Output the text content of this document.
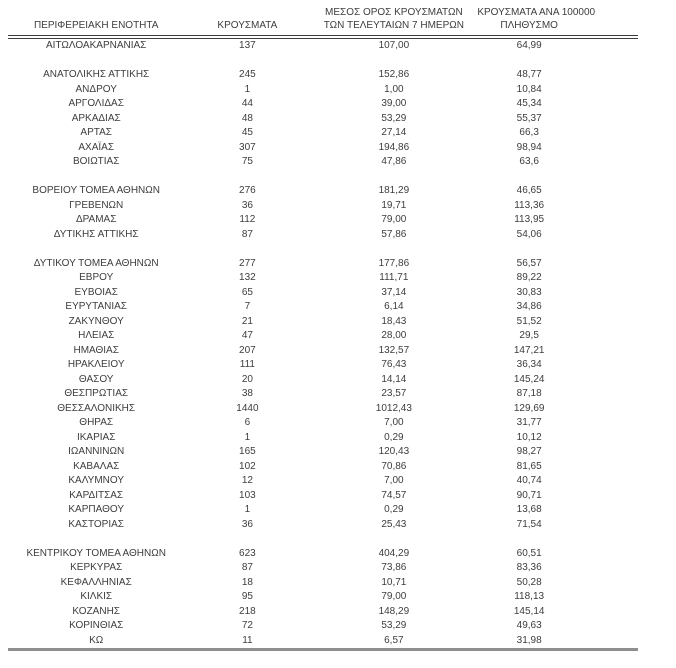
ΠΕΡΙΦΕΡΕΙΑΚΗ ΕΝΟΤΗΤΑ	ΚΡΟΥΣΜΑΤΑ	ΜΕΣΟΣ ΟΡΟΣ ΚΡΟΥΣΜΑΤΩΝ
ΤΩΝ ΤΕΛΕΥΤΑΙΩΝ 7 ΗΜΕΡΩΝ	ΚΡΟΥΣΜΑΤΑ ΑΝΑ 100000
ΠΛΗΘΥΣΜΟ

ΑΙΤΩΛΟΑΚΑΡΝΑΝΙΑΣ	137	107,00	64,99

ΑΝΑΤΟΛΙΚΗΣ ΑΤΤΙΚΗΣ	245	152,86	48,77
ΑΝΔΡΟΥ	1	1,00	10,84
ΑΡΓΟΛΙΔΑΣ	44	39,00	45,34
ΑΡΚΑΔΙΑΣ	48	53,29	55,37
ΑΡΤΑΣ	45	27,14	66,3
ΑΧΑΪΑΣ	307	194,86	98,94
ΒΟΙΩΤΙΑΣ	75	47,86	63,6

ΒΟΡΕΙΟΥ ΤΟΜΕΑ ΑΘΗΝΩΝ	276	181,29	46,65
ΓΡΕΒΕΝΩΝ	36	19,71	113,36
ΔΡΑΜΑΣ	112	79,00	113,95
ΔΥΤΙΚΗΣ ΑΤΤΙΚΗΣ	87	57,86	54,06

ΔΥΤΙΚΟΥ ΤΟΜΕΑ ΑΘΗΝΩΝ	277	177,86	56,57
ΕΒΡΟΥ	132	111,71	89,22
ΕΥΒΟΙΑΣ	65	37,14	30,83
ΕΥΡΥΤΑΝΙΑΣ	7	6,14	34,86
ΖΑΚΥΝΘΟΥ	21	18,43	51,52
ΗΛΕΙΑΣ	47	28,00	29,5
ΗΜΑΘΙΑΣ	207	132,57	147,21
ΗΡΑΚΛΕΙΟΥ	111	76,43	36,34
ΘΑΣΟΥ	20	14,14	145,24
ΘΕΣΠΡΩΤΙΑΣ	38	23,57	87,18
ΘΕΣΣΑΛΟΝΙΚΗΣ	1440	1012,43	129,69
ΘΗΡΑΣ	6	7,00	31,77
ΙΚΑΡΙΑΣ	1	0,29	10,12
ΙΩΑΝΝΙΝΩΝ	165	120,43	98,27
ΚΑΒΑΛΑΣ	102	70,86	81,65
ΚΑΛΥΜΝΟΥ	12	7,00	40,74
ΚΑΡΔΙΤΣΑΣ	103	74,57	90,71
ΚΑΡΠΑΘΟΥ	1	0,29	13,68
ΚΑΣΤΟΡΙΑΣ	36	25,43	71,54

ΚΕΝΤΡΙΚΟΥ ΤΟΜΕΑ ΑΘΗΝΩΝ	623	404,29	60,51
ΚΕΡΚΥΡΑΣ	87	73,86	83,36
ΚΕΦΑΛΛΗΝΙΑΣ	18	10,71	50,28
ΚΙΛΚΙΣ	95	79,00	118,13
ΚΟΖΑΝΗΣ	218	148,29	145,14
ΚΟΡΙΝΘΙΑΣ	72	53,29	49,63
ΚΩ	11	6,57	31,98
